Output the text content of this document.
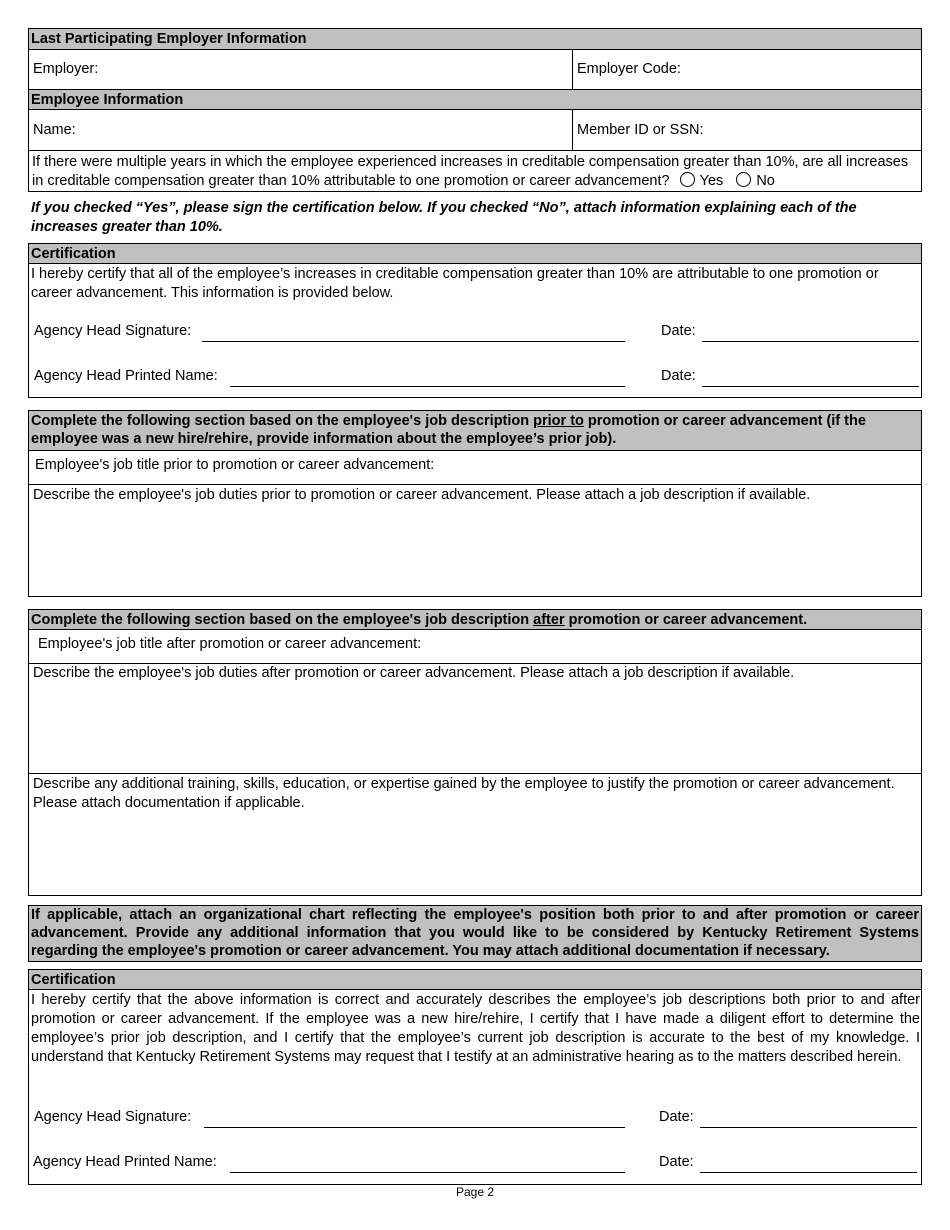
Last Participating Employer Information
Employer:	Employer Code:
Employee Information
Name:	Member ID or SSN:
If there were multiple years in which the employee experienced increases in creditable compensation greater than 10%, are all increases in creditable compensation greater than 10% attributable to one promotion or career advancement? Yes No
If you checked “Yes”, please sign the certification below. If you checked “No”, attach information explaining each of the increases greater than 10%.
Certification
I hereby certify that all of the employee’s increases in creditable compensation greater than 10% are attributable to one promotion or career advancement. This information is provided below.
Agency Head Signature:	Date:
Agency Head Printed Name:	Date:
Complete the following section based on the employee's job description prior to promotion or career advancement (if the employee was a new hire/rehire, provide information about the employee’s prior job).
Employee's job title prior to promotion or career advancement:
Describe the employee's job duties prior to promotion or career advancement. Please attach a job description if available.
Complete the following section based on the employee's job description after promotion or career advancement.
Employee's job title after promotion or career advancement:
Describe the employee's job duties after promotion or career advancement. Please attach a job description if available.
Describe any additional training, skills, education, or expertise gained by the employee to justify the promotion or career advancement. Please attach documentation if applicable.
If applicable, attach an organizational chart reflecting the employee's position both prior to and after promotion or career advancement. Provide any additional information that you would like to be considered by Kentucky Retirement Systems regarding the employee's promotion or career advancement. You may attach additional documentation if necessary.
Certification
I hereby certify that the above information is correct and accurately describes the employee’s job descriptions both prior to and after promotion or career advancement. If the employee was a new hire/rehire, I certify that I have made a diligent effort to determine the employee’s prior job description, and I certify that the employee’s current job description is accurate to the best of my knowledge. I understand that Kentucky Retirement Systems may request that I testify at an administrative hearing as to the matters described herein.
Agency Head Signature:	Date:
Agency Head Printed Name:	Date:
Page 2
